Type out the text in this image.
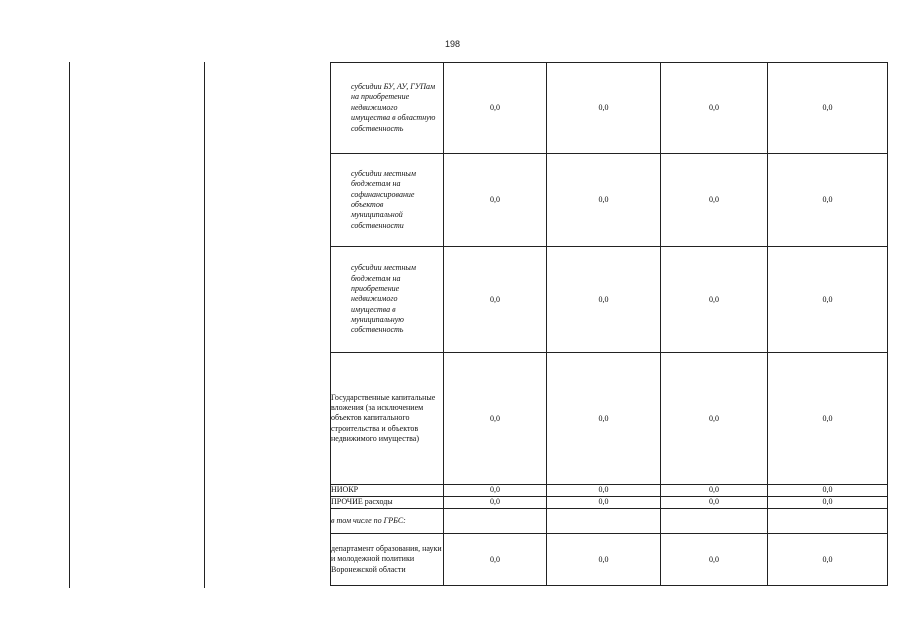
198
субсидии БУ, АУ, ГУПам на приобретение недвижимого имущества в областную собственность	0,0	0,0	0,0	0,0
субсидии местным бюджетам на софинансирование объектов муниципальной собственности	0,0	0,0	0,0	0,0
субсидии местным бюджетам на приобретение недвижимого имущества в муниципальную собственность	0,0	0,0	0,0	0,0
Государственные капитальные вложения (за исключением объектов капитального строительства и объектов недвижимого имущества)	0,0	0,0	0,0	0,0
НИОКР	0,0	0,0	0,0	0,0
ПРОЧИЕ расходы	0,0	0,0	0,0	0,0
в том числе по ГРБС:				
департамент образования, науки и молодежной политики Воронежской области	0,0	0,0	0,0	0,0
